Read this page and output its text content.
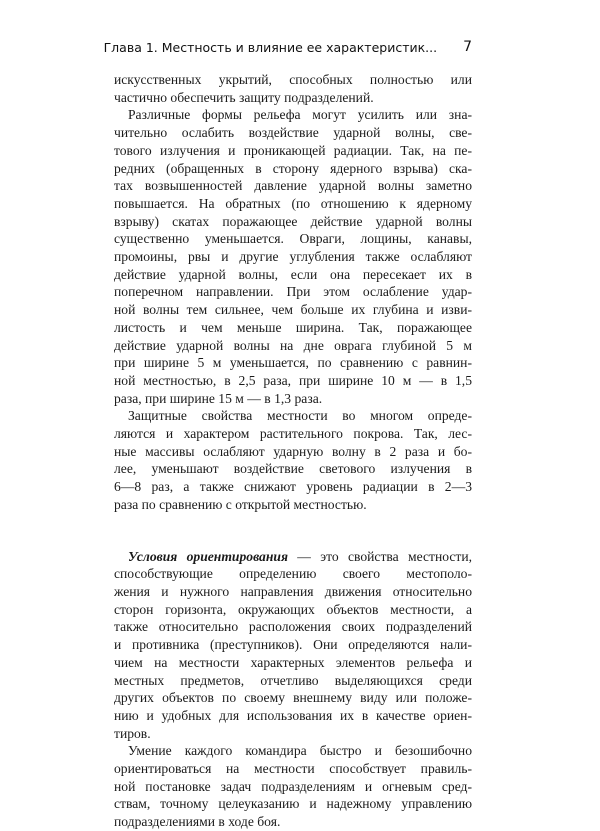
Глава 1. Местность и влияние ее характеристик... 7
искусственных укрытий, способных полностью или
частично обеспечить защиту подразделений.
Различные формы рельефа могут усилить или зна-
чительно ослабить воздействие ударной волны, све-
тового излучения и проникающей радиации. Так, на пе-
редних (обращенных в сторону ядерного взрыва) ска-
тах возвышенностей давление ударной волны заметно
повышается. На обратных (по отношению к ядерному
взрыву) скатах поражающее действие ударной волны
существенно уменьшается. Овраги, лощины, канавы,
промоины, рвы и другие углубления также ослабляют
действие ударной волны, если она пересекает их в
поперечном направлении. При этом ослабление удар-
ной волны тем сильнее, чем больше их глубина и изви-
листость и чем меньше ширина. Так, поражающее
действие ударной волны на дне оврага глубиной 5 м
при ширине 5 м уменьшается, по сравнению с равнин-
ной местностью, в 2,5 раза, при ширине 10 м — в 1,5
раза, при ширине 15 м — в 1,3 раза.
Защитные свойства местности во многом опреде-
ляются и характером растительного покрова. Так, лес-
ные массивы ослабляют ударную волну в 2 раза и бо-
лее, уменьшают воздействие светового излучения в
6—8 раз, а также снижают уровень радиации в 2—3
раза по сравнению с открытой местностью.
Условия ориентирования — это свойства местности,
способствующие определению своего местополо-
жения и нужного направления движения относительно
сторон горизонта, окружающих объектов местности, а
также относительно расположения своих подразделений
и противника (преступников). Они определяются нали-
чием на местности характерных элементов рельефа и
местных предметов, отчетливо выделяющихся среди
других объектов по своему внешнему виду или положе-
нию и удобных для использования их в качестве ориен-
тиров.
Умение каждого командира быстро и безошибочно
ориентироваться на местности способствует правиль-
ной постановке задач подразделениям и огневым сред-
ствам, точному целеуказанию и надежному управлению
подразделениями в ходе боя.
